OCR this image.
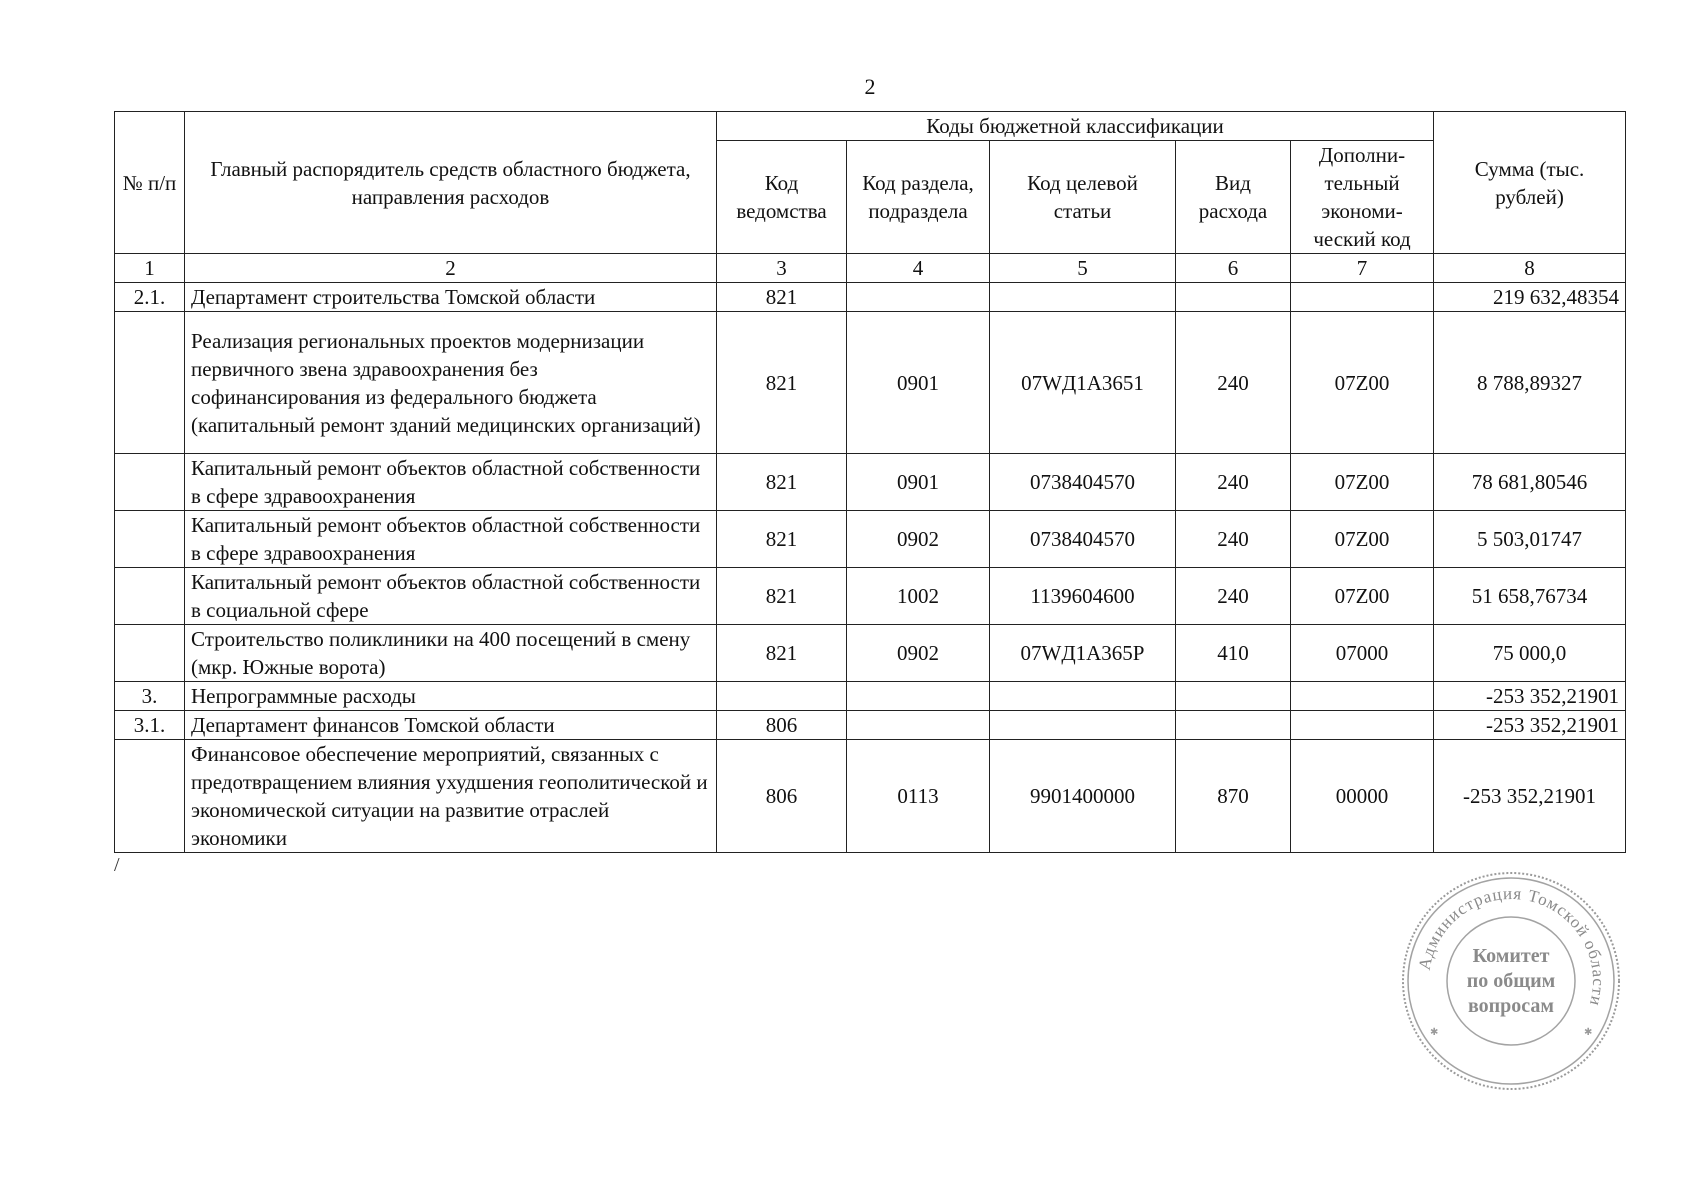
2
№ п/п	Главный распорядитель средств областного бюджета, направления расходов	Коды бюджетной классификации					Сумма (тыс. рублей)
		Код ведомства	Код раздела, подраздела	Код целевой статьи	Вид расхода	Дополни-тельный экономи-ческий код	
1	2	3	4	5	6	7	8
2.1.	Департамент строительства Томской области	821					219 632,48354
	Реализация региональных проектов модернизации первичного звена здравоохранения без софинансирования из федерального бюджета (капитальный ремонт зданий медицинских организаций)	821	0901	07WД1А3651	240	07Z00	8 788,89327
	Капитальный ремонт объектов областной собственности в сфере здравоохранения	821	0901	0738404570	240	07Z00	78 681,80546
	Капитальный ремонт объектов областной собственности в сфере здравоохранения	821	0902	0738404570	240	07Z00	5 503,01747
	Капитальный ремонт объектов областной собственности в социальной сфере	821	1002	1139604600	240	07Z00	51 658,76734
	Строительство поликлиники на 400 посещений в смену (мкр. Южные ворота)	821	0902	07WД1А365Р	410	07000	75 000,0
3.	Непрограммные расходы						-253 352,21901
3.1.	Департамент финансов Томской области	806					-253 352,21901
	Финансовое обеспечение мероприятий, связанных с предотвращением влияния ухудшения геополитической и экономической ситуации на развитие отраслей экономики	806	0113	9901400000	870	00000	-253 352,21901
/
Администрация Томской области
Комитет
по общим
вопросам
✱	✱
